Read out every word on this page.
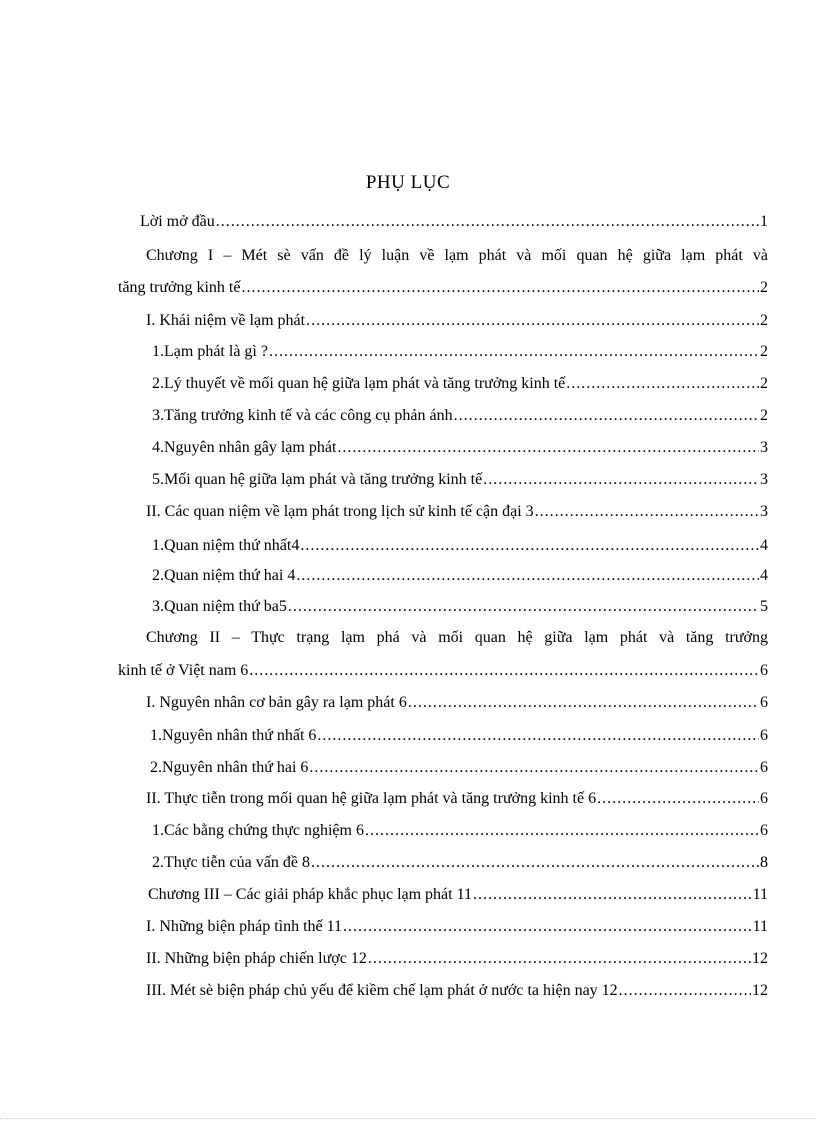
PHỤ LỤC
Lời mở đầu .....	1
Chương I – Mét sè vấn đề lý luận về lạm phát và mối quan hệ giữa lạm phát và
tăng trưởng kinh tế .....	2
I. Khái niệm về lạm phát .....	2
1. Lạm phát là gì ? .....	2
2. Lý thuyết về mối quan hệ giữa lạm phát và tăng trưởng kinh tế .....	2
3. Tăng trưởng kinh tế và các công cụ phản ánh .....	2
4. Nguyên nhân gây lạm phát .....	3
5. Mối quan hệ giữa lạm phát và tăng trưởng kinh tế .....	3
II. Các quan niệm về lạm phát trong lịch sử kinh tế cận đại 3 .....	3
1. Quan niệm thứ nhất4 .....	4
2. Quan niệm thứ hai 4 .....	4
3. Quan niệm thứ ba5 .....	5
Chương II – Thực trạng lạm phá và mối quan hệ giữa lạm phát và tăng trưởng
kinh tế ở Việt nam 6 .....	6
I. Nguyên nhân cơ bản gây ra lạm phát 6 .....	6
1. Nguyên nhân thứ nhất 6 .....	6
2. Nguyên nhân thứ hai 6 .....	6
II. Thực tiễn trong mối quan hệ giữa lạm phát và tăng trưởng kinh tế 6 .....	6
1. Các bằng chứng thực nghiệm 6 .....	6
2. Thực tiễn của vấn đề 8 .....	8
Chương III – Các giải pháp khắc phục lạm phát 11 .....	11
I. Những biện pháp tình thế 11 .....	11
II. Những biện pháp chiến lược 12 .....	12
III. Mét sè biện pháp chủ yếu để kiềm chế lạm phát ở nước ta hiện nay 12 .....	12
